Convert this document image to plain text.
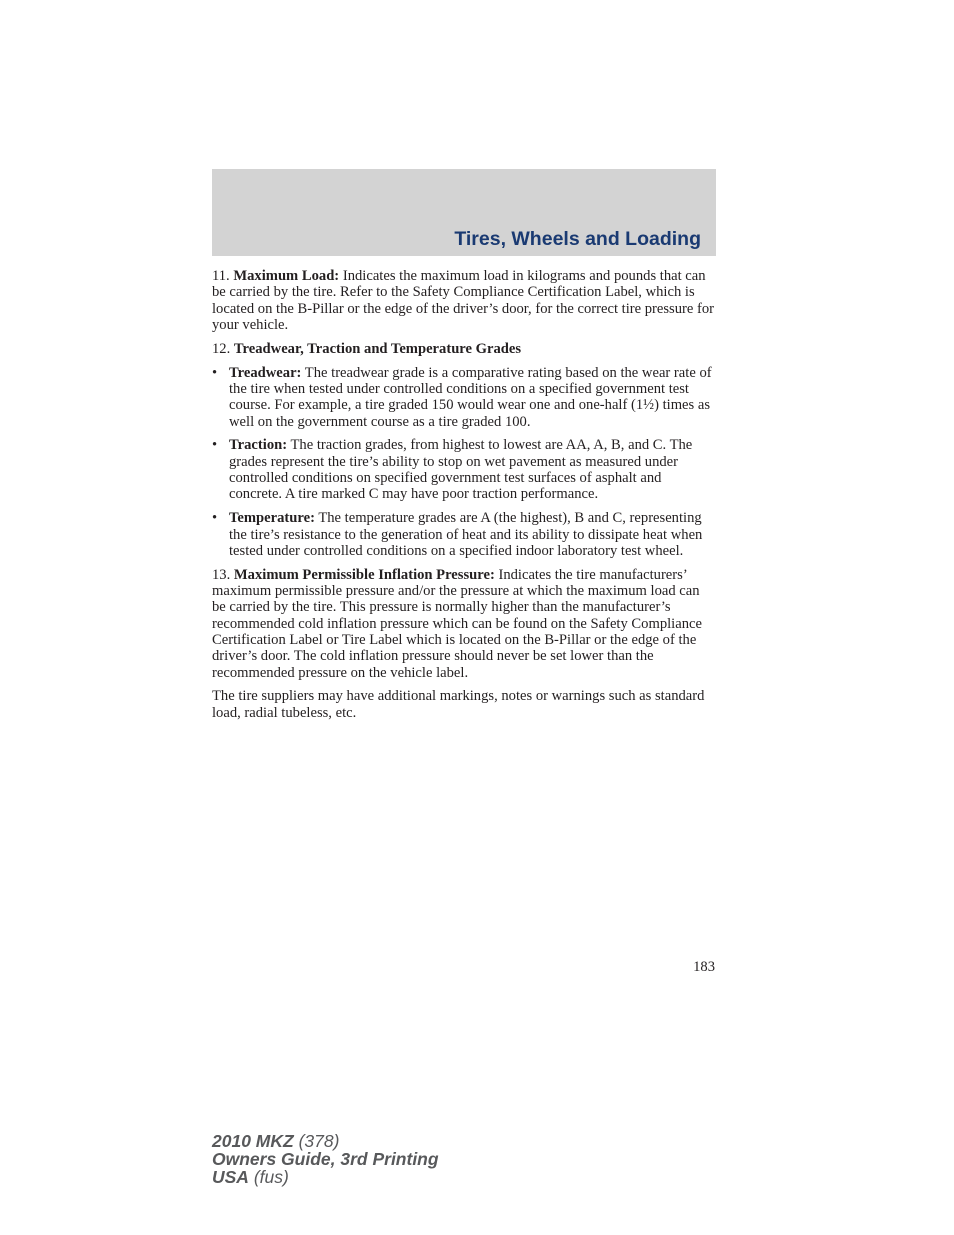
Tires, Wheels and Loading

11. Maximum Load: Indicates the maximum load in kilograms and pounds that can be carried by the tire. Refer to the Safety Compliance Certification Label, which is located on the B-Pillar or the edge of the driver’s door, for the correct tire pressure for your vehicle.

12. Treadwear, Traction and Temperature Grades

• Treadwear: The treadwear grade is a comparative rating based on the wear rate of the tire when tested under controlled conditions on a specified government test course. For example, a tire graded 150 would wear one and one-half (1½) times as well on the government course as a tire graded 100.
• Traction: The traction grades, from highest to lowest are AA, A, B, and C. The grades represent the tire’s ability to stop on wet pavement as measured under controlled conditions on specified government test surfaces of asphalt and concrete. A tire marked C may have poor traction performance.
• Temperature: The temperature grades are A (the highest), B and C, representing the tire’s resistance to the generation of heat and its ability to dissipate heat when tested under controlled conditions on a specified indoor laboratory test wheel.

13. Maximum Permissible Inflation Pressure: Indicates the tire manufacturers’ maximum permissible pressure and/or the pressure at which the maximum load can be carried by the tire. This pressure is normally higher than the manufacturer’s recommended cold inflation pressure which can be found on the Safety Compliance Certification Label or Tire Label which is located on the B-Pillar or the edge of the driver’s door. The cold inflation pressure should never be set lower than the recommended pressure on the vehicle label.

The tire suppliers may have additional markings, notes or warnings such as standard load, radial tubeless, etc.

183
2010 MKZ (378)
Owners Guide, 3rd Printing
USA (fus)
